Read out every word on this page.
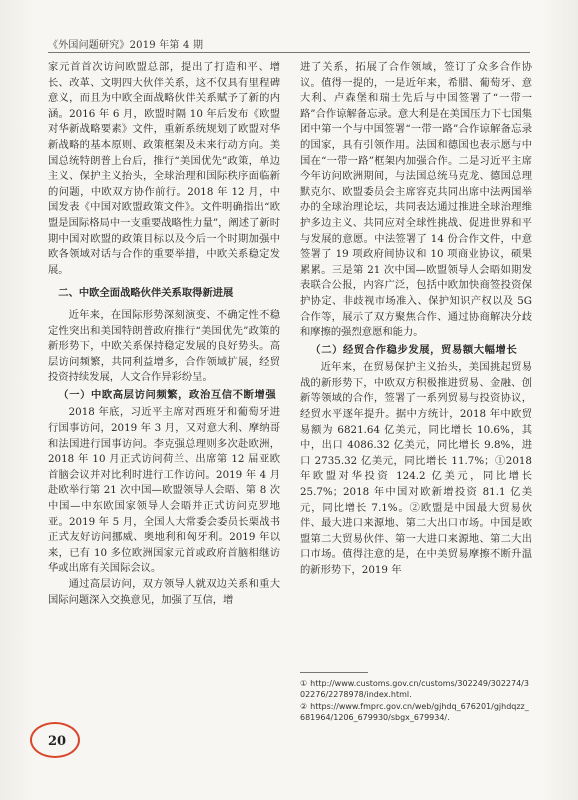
《外国问题研究》2019 年第 4 期

家元首首次访问欧盟总部，提出了打造和平、增长、改革、文明四大伙伴关系，这不仅具有里程碑意义，而且为中欧全面战略伙伴关系赋予了新的内涵。2016 年 6 月，欧盟时隔 10 年后发布《欧盟对华新战略要素》文件，重新系统规划了欧盟对华新战略的基本原则、政策框架及未来行动方向。美国总统特朗普上台后，推行“美国优先”政策，单边主义、保护主义抬头，全球治理和国际秩序面临新的问题，中欧双方协作前行。2018 年 12 月，中国发表《中国对欧盟政策文件》。文件明确指出“欧盟是国际格局中一支重要战略性力量”，阐述了新时期中国对欧盟的政策目标以及今后一个时期加强中欧各领域对话与合作的重要举措，中欧关系稳定发展。

二、中欧全面战略伙伴关系取得新进展

近年来，在国际形势深刻演变、不确定性不稳定性突出和美国特朗普政府推行“美国优先”政策的新形势下，中欧关系保持稳定发展的良好势头。高层访问频繁，共同利益增多，合作领域扩展，经贸投资持续发展，人文合作异彩纷呈。

（一）中欧高层访问频繁，政治互信不断增强

2018 年底，习近平主席对西班牙和葡萄牙进行国事访问，2019 年 3 月，又对意大利、摩纳哥和法国进行国事访问。李克强总理则多次赴欧洲，2018 年 10 月正式访问荷兰、出席第 12 届亚欧首脑会议并对比利时进行工作访问。2019 年 4 月赴欧举行第 21 次中国—欧盟领导人会晤、第 8 次中国—中东欧国家领导人会晤并正式访问克罗地亚。2019 年 5 月，全国人大常委会委员长栗战书正式友好访问挪威、奥地利和匈牙利。2019 年以来，已有 10 多位欧洲国家元首或政府首脑相继访华或出席有关国际会议。

通过高层访问，双方领导人就双边关系和重大国际问题深入交换意见，加强了互信，增

进了关系，拓展了合作领域，签订了众多合作协议。值得一提的，一是近年来，希腊、葡萄牙、意大利、卢森堡和瑞士先后与中国签署了“一带一路”合作谅解备忘录。意大利是在美国压力下七国集团中第一个与中国签署“一带一路”合作谅解备忘录的国家，具有引领作用。法国和德国也表示愿与中国在“一带一路”框架内加强合作。二是习近平主席今年访问欧洲期间，与法国总统马克龙、德国总理默克尔、欧盟委员会主席容克共同出席中法两国举办的全球治理论坛，共同表达通过推进全球治理维护多边主义、共同应对全球性挑战、促进世界和平与发展的意愿。中法签署了 14 份合作文件，中意签署了 19 项政府间协议和 10 项商业协议，硕果累累。三是第 21 次中国—欧盟领导人会晤如期发表联合公报，内容广泛，包括中欧加快商签投资保护协定、非歧视市场准入、保护知识产权以及 5G 合作等，展示了双方聚焦合作、通过协商解决分歧和摩擦的强烈意愿和能力。

（二）经贸合作稳步发展，贸易额大幅增长

近年来，在贸易保护主义抬头，美国挑起贸易战的新形势下，中欧双方积极推进贸易、金融、创新等领域的合作，签署了一系列贸易与投资协议，经贸水平逐年提升。据中方统计，2018 年中欧贸易额为 6821.64 亿美元，同比增长 10.6%，其中，出口 4086.32 亿美元，同比增长 9.8%，进口 2735.32 亿美元，同比增长 11.7%；①2018 年欧盟对华投资 124.2 亿美元，同比增长 25.7%；2018 年中国对欧新增投资 81.1 亿美元，同比增长 7.1%。②欧盟是中国最大贸易伙伴、最大进口来源地、第二大出口市场。中国是欧盟第二大贸易伙伴、第一大进口来源地、第二大出口市场。值得注意的是，在中美贸易摩擦不断升温的新形势下，2019 年

① http://www.customs.gov.cn/customs/302249/302274/302276/2278978/index.html.
② https://www.fmprc.gov.cn/web/gjhdq_676201/gjhdqzz_681964/1206_679930/sbgx_679934/.
20
